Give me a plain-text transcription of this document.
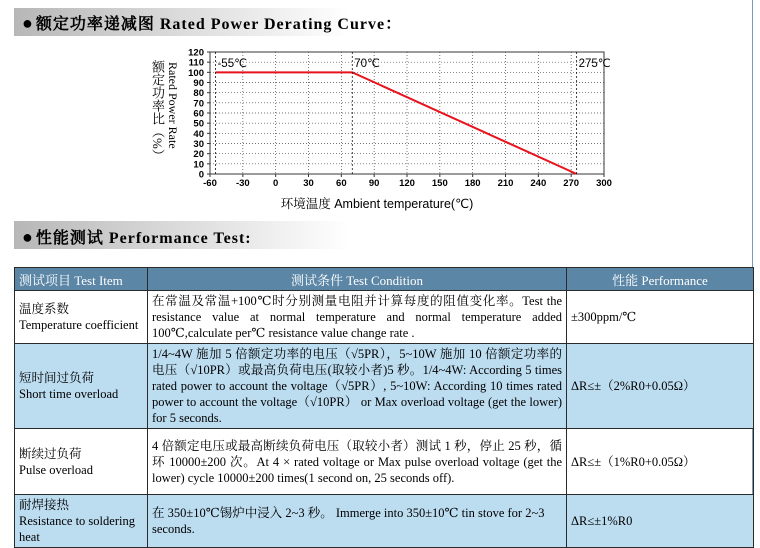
● 额定功率递减图 Rated Power Derating Curve：
额定功率比（%） Rated Power Rate
-60 -30 0	30 60 90 120 150 180 210 240 270 300
0
10
20
30
40
50
60
70
80
90
100
110
120
-55℃	70℃	275℃
环境温度 Ambient temperature(℃)
● 性能测试 Performance Test:
测试项目 Test Item	测试条件 Test Condition	性能 Performance
温度系数
Temperature coefficient	在常温及常温+100℃时分别测量电阻并计算每度的阻值变化率。Test the resistance value at normal temperature and normal temperature added 100℃,calculate per℃ resistance value change rate .	±300ppm/℃
短时间过负荷
Short time overload	1/4~4W 施加 5 倍额定功率的电压（√5PR），5~10W 施加 10 倍额定功率的电压（√10PR）或最高负荷电压(取较小者)5 秒。1/4~4W: According 5 times rated power to account the voltage（√5PR）, 5~10W: According 10 times rated power to account the voltage（√10PR） or Max overload voltage (get the lower) for 5 seconds.	ΔR≤±（2%R0+0.05Ω）
断续过负荷
Pulse overload	4 倍额定电压或最高断续负荷电压（取较小者）测试 1 秒，停止 25 秒，循环 10000±200 次。At 4 × rated voltage or Max pulse overload voltage (get the lower) cycle 10000±200 times(1 second on, 25 seconds off).	ΔR≤±（1%R0+0.05Ω）
耐焊接热
Resistance to soldering heat	在 350±10℃锡炉中浸入 2~3 秒。 Immerge into 350±10℃ tin stove for 2~3 seconds.	ΔR≤±1%R0
